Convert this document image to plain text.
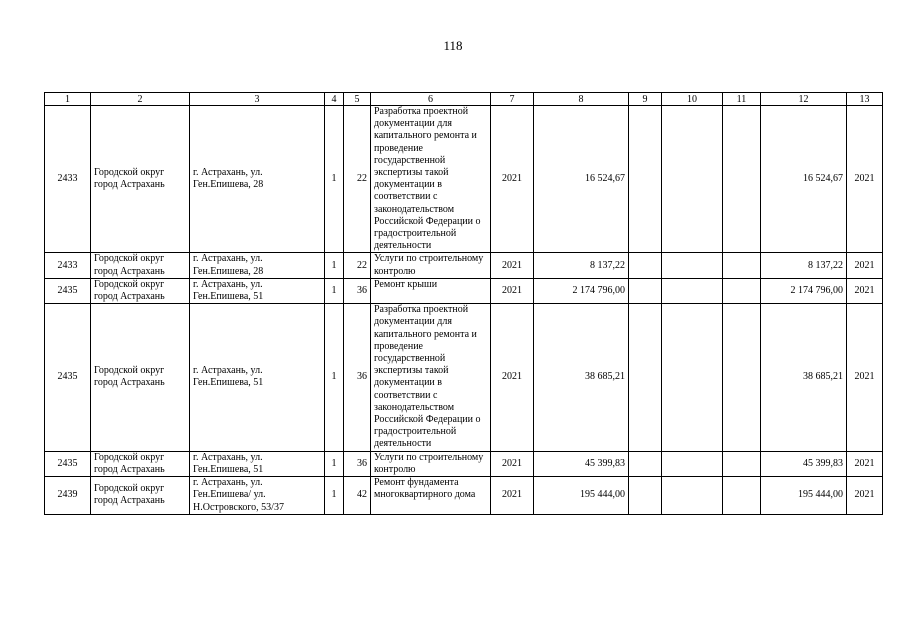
118
1	2	3	4	5	6	7	8	9	10	11	12	13
2433	Городской округ город Астрахань	г. Астрахань, ул. Ген.Епишева, 28	1	22	Разработка проектной документации для капитального ремонта и проведение государственной экспертизы такой документации в соответствии с законодательством Российской Федерации о градостроительной деятельности	2021	16 524,67				16 524,67	2021
2433	Городской округ город Астрахань	г. Астрахань, ул. Ген.Епишева, 28	1	22	Услуги по строительному контролю	2021	8 137,22				8 137,22	2021
2435	Городской округ город Астрахань	г. Астрахань, ул. Ген.Епишева, 51	1	36	Ремонт крыши	2021	2 174 796,00				2 174 796,00	2021
2435	Городской округ город Астрахань	г. Астрахань, ул. Ген.Епишева, 51	1	36	Разработка проектной документации для капитального ремонта и проведение государственной экспертизы такой документации в соответствии с законодательством Российской Федерации о градостроительной деятельности	2021	38 685,21				38 685,21	2021
2435	Городской округ город Астрахань	г. Астрахань, ул. Ген.Епишева, 51	1	36	Услуги по строительному контролю	2021	45 399,83				45 399,83	2021
2439	Городской округ город Астрахань	г. Астрахань, ул. Ген.Епишева/ ул. Н.Островского, 53/37	1	42	Ремонт фундамента многоквартирного дома	2021	195 444,00				195 444,00	2021
